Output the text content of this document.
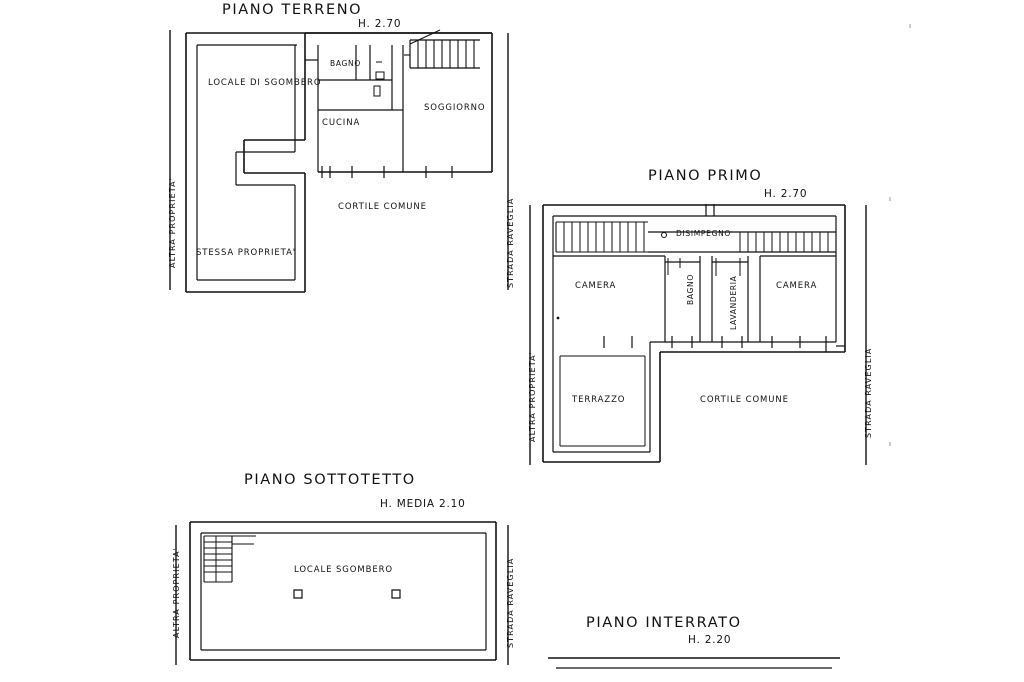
PIANO TERRENO
H. 2.70
LOCALE DI SGOMBERO
STESSA PROPRIETA'
BAGNO
CUCINA
SOGGIORNO
CORTILE COMUNE
ALTRA PROPRIETA'	STRADA RAVEGLIA
PIANO PRIMO
H. 2.70
DISIMPEGNO
CAMERA	BAGNO	LAVANDERIA	CAMERA
TERRAZZO	CORTILE COMUNE
ALTRA PROPRIETA'	STRADA RAVEGLIA
PIANO SOTTOTETTO
H. MEDIA 2.10
LOCALE SGOMBERO
ALTRA PROPRIETA'	STRADA RAVEGLIA	PIANO INTERRATO
H. 2.20
